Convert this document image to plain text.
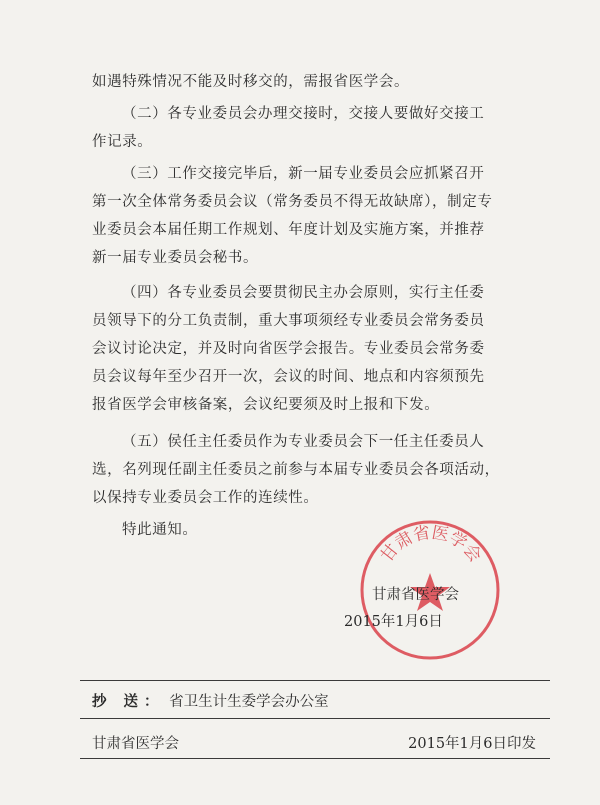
如遇特殊情况不能及时移交的，需报省医学会。

（二）各专业委员会办理交接时，交接人要做好交接工
作记录。

（三）工作交接完毕后，新一届专业委员会应抓紧召开
第一次全体常务委员会议（常务委员不得无故缺席），制定专
业委员会本届任期工作规划、年度计划及实施方案，并推荐
新一届专业委员会秘书。

（四）各专业委员会要贯彻民主办会原则，实行主任委
员领导下的分工负责制，重大事项须经专业委员会常务委员
会议讨论决定，并及时向省医学会报告。专业委员会常务委
员会议每年至少召开一次，会议的时间、地点和内容须预先
报省医学会审核备案，会议纪要须及时上报和下发。

（五）侯任主任委员作为专业委员会下一任主任委员人
选，名列现任副主任委员之前参与本届专业委员会各项活动，
以保持专业委员会工作的连续性。

特此通知。

甘肃省医学会
甘肃省医学会
2015年1月6日
抄 送： 省卫生计生委学会办公室
甘肃省医学会	2015年1月6日印发
